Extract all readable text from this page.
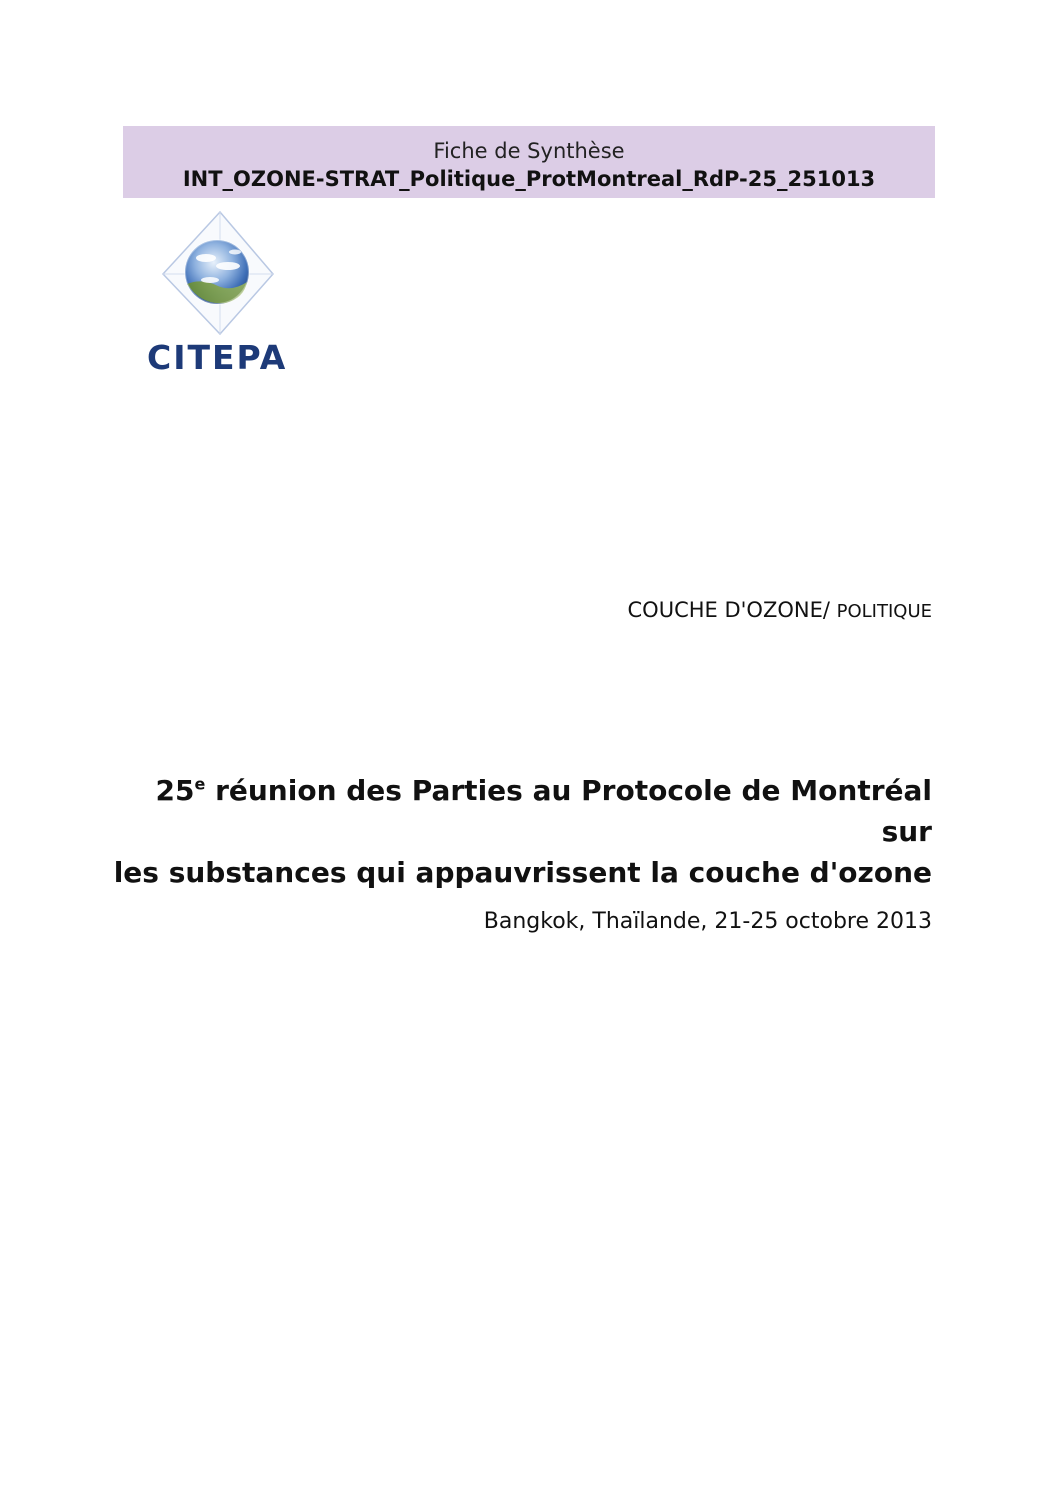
Fiche de Synthèse
INT_OZONE-STRAT_Politique_ProtMontreal_RdP-25_251013
CITEPA
COUCHE D'OZONE/ POLITIQUE
25e réunion des Parties au Protocole de Montréal sur
les substances qui appauvrissent la couche d'ozone
Bangkok, Thaïlande, 21-25 octobre 2013
